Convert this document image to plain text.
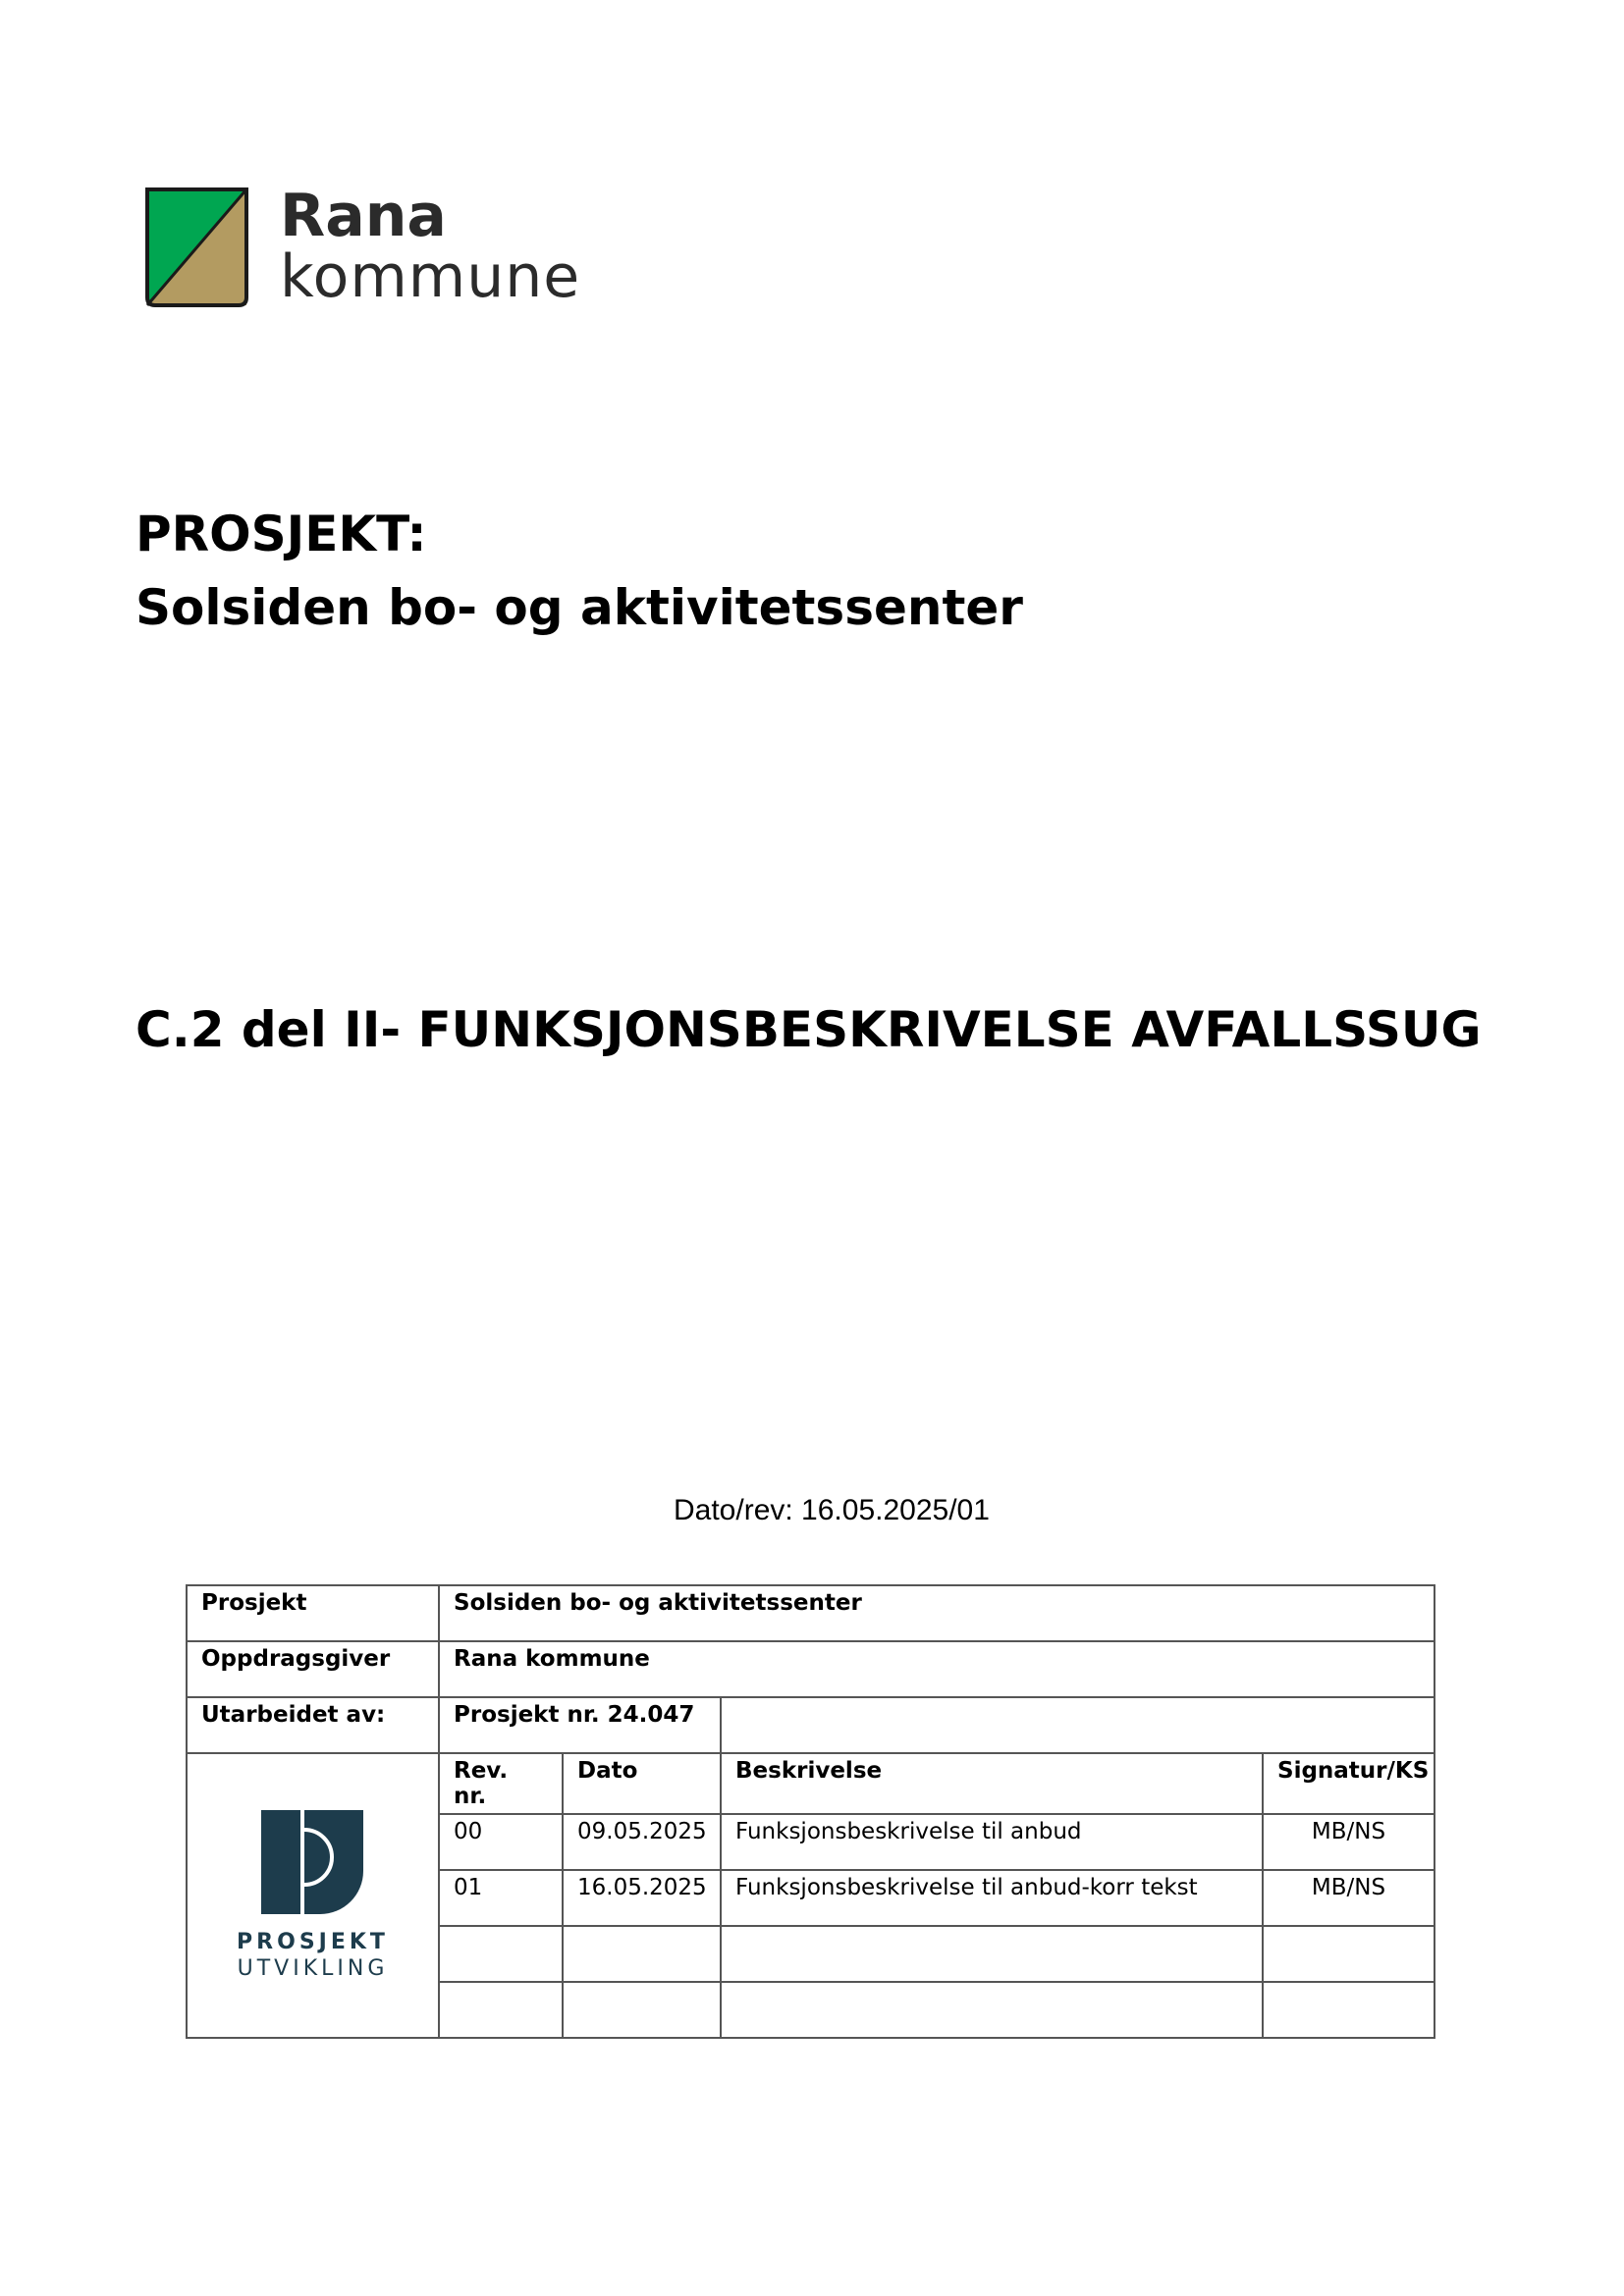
Rana
kommune
PROSJEKT:
Solsiden bo- og aktivitetssenter
C.2 del II- FUNKSJONSBESKRIVELSE AVFALLSSUG
Dato/rev: 16.05.2025/01
Prosjekt	Solsiden bo- og aktivitetssenter			
Oppdragsgiver	Rana kommune			
Utarbeidet av:	Prosjekt nr. 24.047			

PROSJEKT
UTVIKLING	Rev. nr.	Dato	Beskrivelse	Signatur/KS
	00	09.05.2025	Funksjonsbeskrivelse til anbud	MB/NS
	01	16.05.2025	Funksjonsbeskrivelse til anbud-korr tekst	MB/NS
